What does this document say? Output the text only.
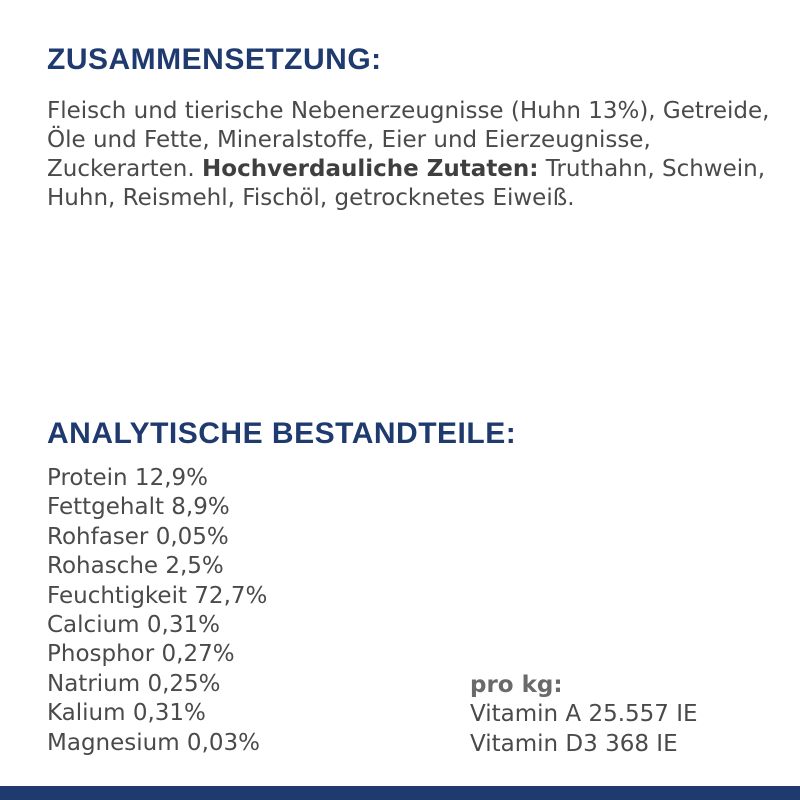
ZUSAMMENSETZUNG:

Fleisch und tierische Nebenerzeugnisse (Huhn 13%), Getreide, Öle und Fette, Mineralstoffe, Eier und Eierzeugnisse, Zuckerarten. Hochverdauliche Zutaten: Truthahn, Schwein, Huhn, Reismehl, Fischöl, getrocknetes Eiweiß.

ANALYTISCHE BESTANDTEILE:
Protein 12,9%
Fettgehalt 8,9%
Rohfaser 0,05%
Rohasche 2,5%
Feuchtigkeit 72,7%
Calcium 0,31%
Phosphor 0,27%
Natrium 0,25%
Kalium 0,31%
Magnesium 0,03%
pro kg:
Vitamin A 25.557 IE
Vitamin D3 368 IE
